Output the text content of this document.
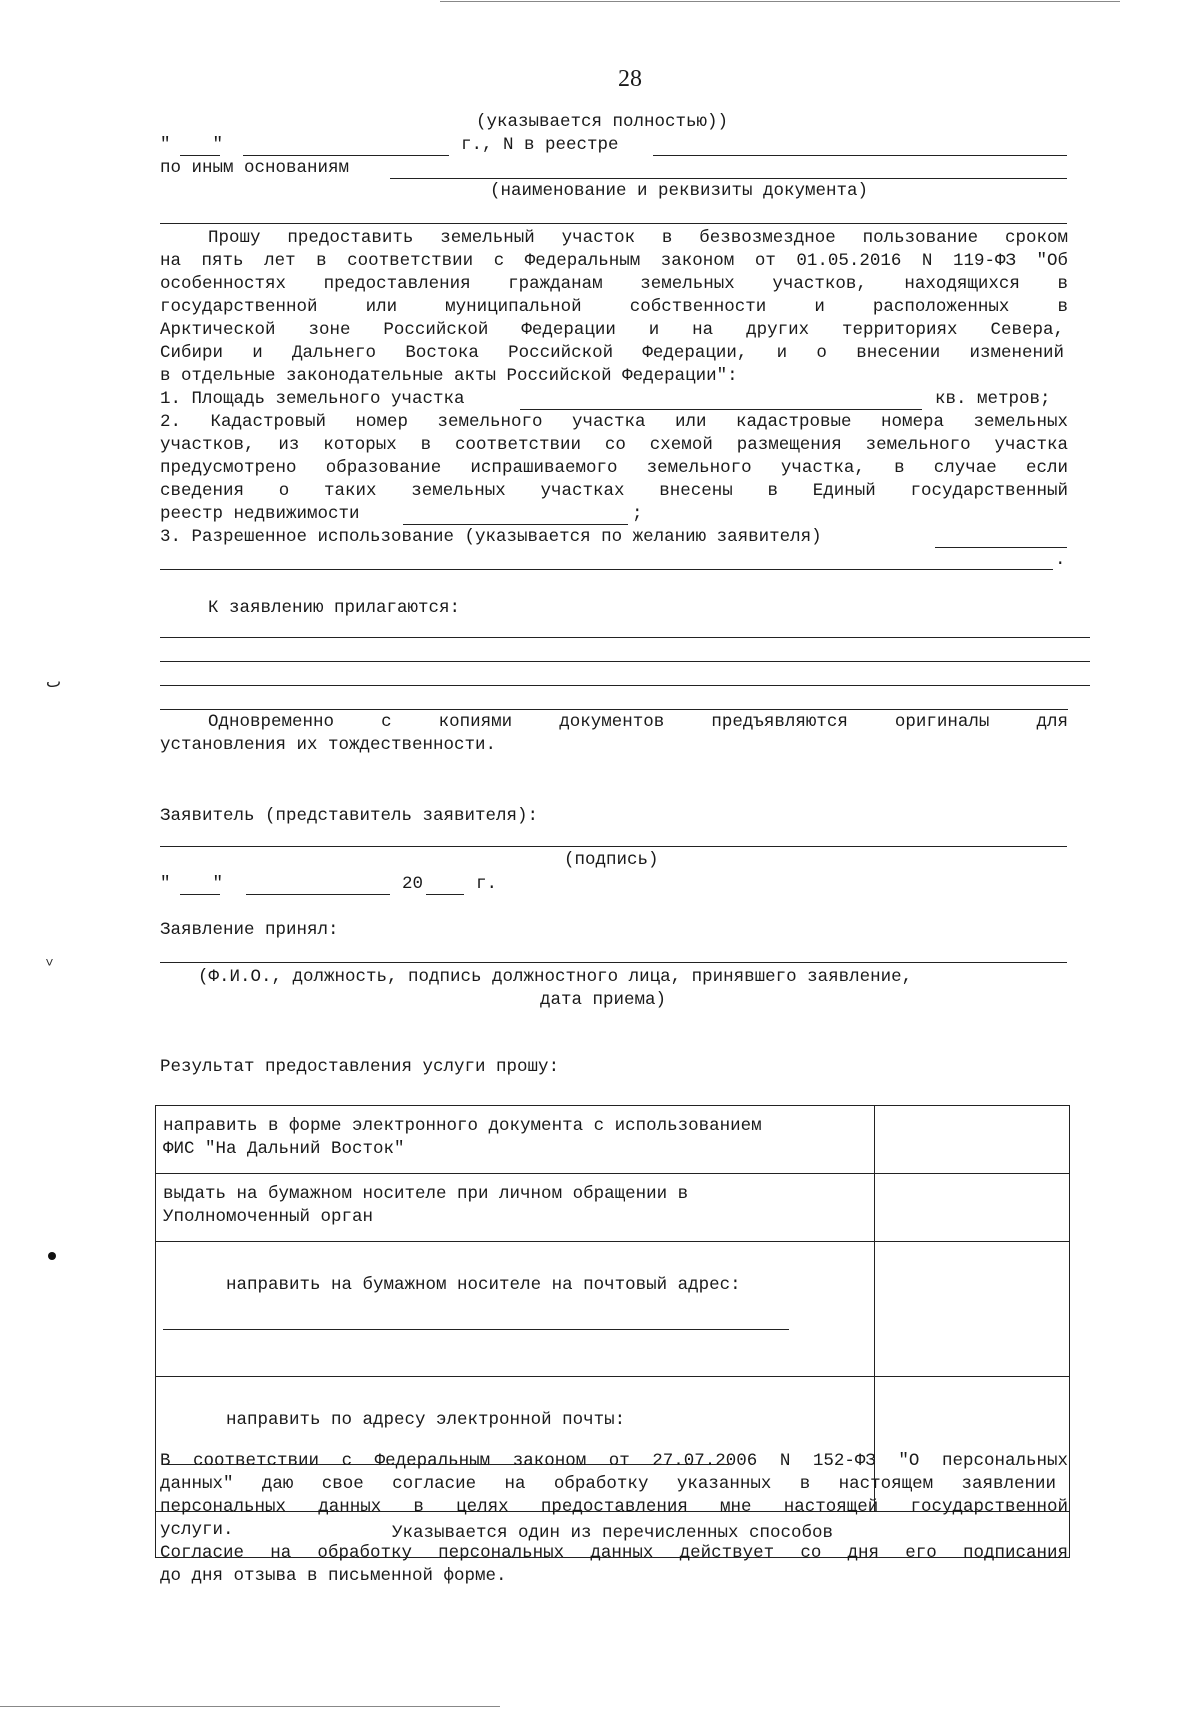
28
(указывается полностью))
"    "	г., N в реестре
по иным основаниям
(наименование и реквизиты документа)
Прошу предоставить земельный участок в безвозмездное пользование сроком
на пять лет в соответствии с Федеральным законом от 01.05.2016 N 119-ФЗ "Об
особенностях предоставления гражданам земельных участков, находящихся в
государственной или муниципальной собственности и расположенных в
Арктической зоне Российской Федерации и на других территориях Севера,
Сибири и Дальнего Востока Российской Федерации, и о внесении изменений
в отдельные законодательные акты Российской Федерации":
1. Площадь земельного участка	кв. метров;
2. Кадастровый номер земельного участка или кадастровые номера земельных
участков, из которых в соответствии со схемой размещения земельного участка
предусмотрено образование испрашиваемого земельного участка, в случае если
сведения о таких земельных участках внесены в Единый государственный
реестр недвижимости	;
3. Разрешенное использование (указывается по желанию заявителя)
.
К заявлению прилагаются:
Одновременно с копиями документов предъявляются оригиналы для
установления их тождественности.
Заявитель (представитель заявителя):
(подпись)
"    "	20	г.
Заявление принял:
(Ф.И.О., должность, подпись должностного лица, принявшего заявление,
дата приема)
Результат предоставления услуги прошу:
направить в форме электронного документа с использованием
ФИС "На Дальний Восток"	
выдать на бумажном носителе при личном обращении в
Уполномоченный орган	

направить на бумажном носителе на почтовый адрес:

направить по адресу электронной почты:

Указывается один из перечисленных способов	
В соответствии с Федеральным законом от 27.07.2006 N 152-ФЗ "О персональных
данных" даю свое согласие на обработку указанных в настоящем заявлении
персональных данных в целях предоставления мне настоящей государственной
услуги.
Согласие на обработку персональных данных действует со дня его подписания
до дня отзыва в письменной форме.
ٮ
ⱽ
